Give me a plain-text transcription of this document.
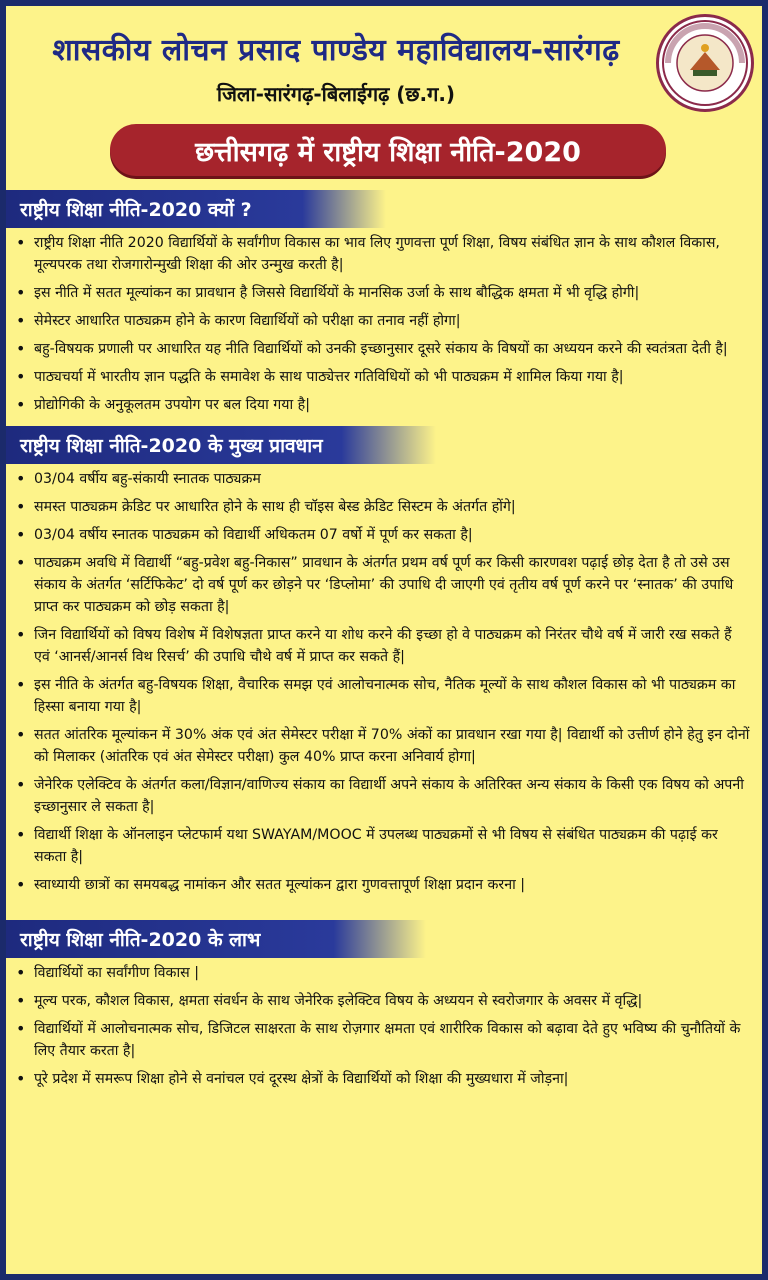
शासकीय लोचन प्रसाद पाण्डेय महाविद्यालय-सारंगढ़
जिला-सारंगढ़-बिलाईगढ़ (छ.ग.)
छत्तीसगढ़ में राष्ट्रीय शिक्षा नीति-2020
राष्ट्रीय शिक्षा नीति-2020 क्यों ?
• राष्ट्रीय शिक्षा नीति 2020 विद्यार्थियों के सर्वांगीण विकास का भाव लिए गुणवत्ता पूर्ण शिक्षा, विषय संबंधित ज्ञान के साथ कौशल विकास, मूल्यपरक तथा रोजगारोन्मुखी शिक्षा की ओर उन्मुख करती है|
• इस नीति में सतत मूल्यांकन का प्रावधान है जिससे विद्यार्थियों के मानसिक उर्जा के साथ बौद्धिक क्षमता में भी वृद्धि होगी|
• सेमेस्टर आधारित पाठ्यक्रम होने के कारण विद्यार्थियों को परीक्षा का तनाव नहीं होगा|
• बहु-विषयक प्रणाली पर आधारित यह नीति विद्यार्थियों को उनकी इच्छानुसार दूसरे संकाय के विषयों का अध्ययन करने की स्वतंत्रता देती है|
• पाठ्यचर्या में भारतीय ज्ञान पद्धति के समावेश के साथ पाठ्येत्तर गतिविधियों को भी पाठ्यक्रम में शामिल किया गया है|
• प्रोद्योगिकी के अनुकूलतम उपयोग पर बल दिया गया है|
राष्ट्रीय शिक्षा नीति-2020 के मुख्य प्रावधान
• 03/04 वर्षीय बहु-संकायी स्नातक पाठ्यक्रम
• समस्त पाठ्यक्रम क्रेडिट पर आधारित होने के साथ ही चॉइस बेस्ड क्रेडिट सिस्टम के अंतर्गत होंगे|
• 03/04 वर्षीय स्नातक पाठ्यक्रम को विद्यार्थी अधिकतम 07 वर्षो में पूर्ण कर सकता है|
• पाठ्यक्रम अवधि में विद्यार्थी “बहु-प्रवेश बहु-निकास” प्रावधान के अंतर्गत प्रथम वर्ष पूर्ण कर किसी कारणवश पढ़ाई छोड़ देता है तो उसे उस संकाय के अंतर्गत ‘सर्टिफिकेट’ दो वर्ष पूर्ण कर छोड़ने पर ‘डिप्लोमा’ की उपाधि दी जाएगी एवं तृतीय वर्ष पूर्ण करने पर ‘स्नातक’ की उपाधि प्राप्त कर पाठ्यक्रम को छोड़ सकता है|
• जिन विद्यार्थियों को विषय विशेष में विशेषज्ञता प्राप्त करने या शोध करने की इच्छा हो वे पाठ्यक्रम को निरंतर चौथे वर्ष में जारी रख सकते हैं एवं ‘आनर्स/आनर्स विथ रिसर्च’ की उपाधि चौथे वर्ष में प्राप्त कर सकते हैं|
• इस नीति के अंतर्गत बहु-विषयक शिक्षा, वैचारिक समझ एवं आलोचनात्मक सोच, नैतिक मूल्यों के साथ कौशल विकास को भी पाठ्यक्रम का हिस्सा बनाया गया है|
• सतत आंतरिक मूल्यांकन में 30% अंक एवं अंत सेमेस्टर परीक्षा में 70% अंकों का प्रावधान रखा गया है| विद्यार्थी को उत्तीर्ण होने हेतु इन दोनों को मिलाकर (आंतरिक एवं अंत सेमेस्टर परीक्षा) कुल 40% प्राप्त करना अनिवार्य होगा|
• जेनेरिक एलेक्टिव के अंतर्गत कला/विज्ञान/वाणिज्य संकाय का विद्यार्थी अपने संकाय के अतिरिक्त अन्य संकाय के किसी एक विषय को अपनी इच्छानुसार ले सकता है|
• विद्यार्थी शिक्षा के ऑनलाइन प्लेटफार्म यथा SWAYAM/MOOC में उपलब्ध पाठ्यक्रमों से भी विषय से संबंधित पाठ्यक्रम की पढ़ाई कर सकता है|
• स्वाध्यायी छात्रों का समयबद्ध नामांकन और सतत मूल्यांकन द्वारा गुणवत्तापूर्ण शिक्षा प्रदान करना |
राष्ट्रीय शिक्षा नीति-2020 के लाभ
• विद्यार्थियों का सर्वांगीण विकास |
• मूल्य परक, कौशल विकास, क्षमता संवर्धन के साथ जेनेरिक इलेक्टिव विषय के अध्ययन से स्वरोजगार के अवसर में वृद्धि|
• विद्यार्थियों में आलोचनात्मक सोच, डिजिटल साक्षरता के साथ रोज़गार क्षमता एवं शारीरिक विकास को बढ़ावा देते हुए भविष्य की चुनौतियों के लिए तैयार करता है|
• पूरे प्रदेश में समरूप शिक्षा होने से वनांचल एवं दूरस्थ क्षेत्रों के विद्यार्थियों को शिक्षा की मुख्यधारा में जोड़ना|
